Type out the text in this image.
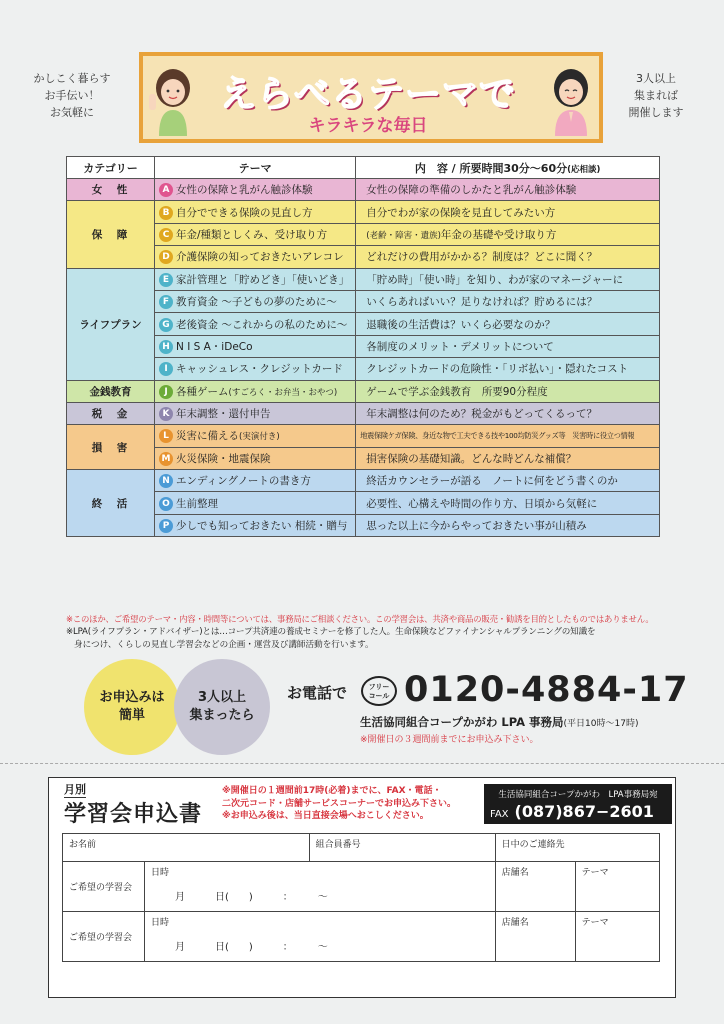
かしこく暮らす
お手伝い！
お気軽に
3人以上
集まれば
開催します
えらべるテーマで
キラキラな毎日
カテゴリー	テーマ	内　容 / 所要時間30分〜60分(応相談)
女　性	A 女性の保障と乳がん触診体験	女性の保障の準備のしかたと乳がん触診体験
保　障	B 自分でできる保険の見直し方	自分でわが家の保険を見直してみたい方
	C 年金/種類としくみ、受け取り方	(老齢・障害・遺族)年金の基礎や受け取り方
	D 介護保険の知っておきたいアレコレ	どれだけの費用がかかる？制度は？どこに聞く？
ライフプラン	E 家計管理と「貯めどき」「使いどき」	「貯め時」「使い時」を知り、わが家のマネージャーに
	F 教育資金 〜子どもの夢のために〜	いくらあればいい？足りなければ？貯めるには？
	G 老後資金 〜これからの私のために〜	退職後の生活費は？いくら必要なのか？
	H N I S A・iDeCo	各制度のメリット・デメリットについて
	I キャッシュレス・クレジットカード	クレジットカードの危険性・「リボ払い」・隠れたコスト
金銭教育	J 各種ゲーム(すごろく・お弁当・おやつ)	ゲームで学ぶ金銭教育　所要90分程度
税　金	K 年末調整・還付申告	年末調整は何のため？税金がもどってくるって？
損　害	L 災害に備える(実演付き)	地震保険ケガ保険、身近な物で工夫できる技や100均防災グッズ等　災害時に役立つ情報
	M 火災保険・地震保険	損害保険の基礎知識。どんな時どんな補償？
終　活	N エンディングノートの書き方	終活カウンセラーが語る　ノートに何をどう書くのか
	O 生前整理	必要性、心構えや時間の作り方、日頃から気軽に
	P 少しでも知っておきたい 相続・贈与	思った以上に今からやっておきたい事が山積み
※このほか、ご希望のテーマ・内容・時間等については、事務局にご相談ください。この学習会は、共済や商品の販売・勧誘を目的としたものではありません。
※LPA(ライフプラン・アドバイザー)とは…コープ共済連の養成セミナーを修了した人。生命保険などファイナンシャルプランニングの知識を
身につけ、くらしの見直し学習会などの企画・運営及び講師活動を行います。
お申込みは
簡単
3人以上
集まったら
お電話で	フリー
コール 0120-4884-17
生活協同組合コープかがわ LPA 事務局(平日10時〜17時)
※開催日の３週間前までにお申込み下さい。
月別
学習会申込書
※開催日の１週間前17時(必着)までに、FAX・電話・
二次元コード・店舗サービスコーナーでお申込み下さい。
※お申込み後は、当日直接会場へおこしください。
生活協同組合コープかがわ　LPA事務局宛
FAX (087)867−2601
お名前		組合員番号	日中のご連絡先	
ご希望の学習会	日時
月　　　日(　　)　　　：　　　〜		店舗名	テーマ
ご希望の学習会	日時
月　　　日(　　)　　　：　　　〜		店舗名	テーマ
